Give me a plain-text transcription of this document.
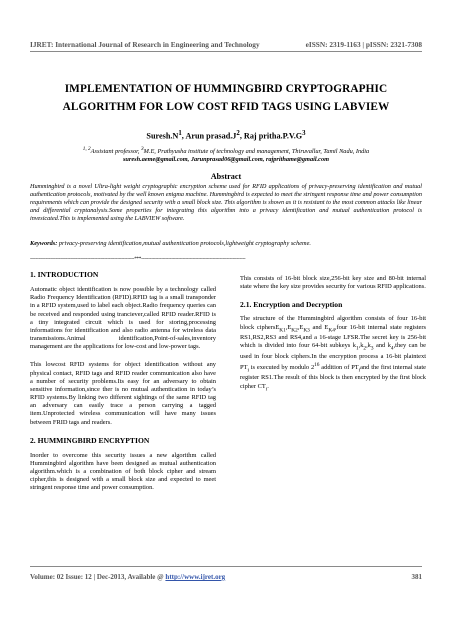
IJRET: International Journal of Research in Engineering and Technology	eISSN: 2319-1163 | pISSN: 2321-7308
IMPLEMENTATION OF HUMMINGBIRD CRYPTOGRAPHIC
ALGORITHM FOR LOW COST RFID TAGS USING LABVIEW
$Suresh.N^1$, Arun $prasad.J^2$, Raj $pritha.P.V.G^3$
$^{1, 2}$Assistant professor, $^3$M.E, Prathyusha institute of technology and management, Thiruvallur, Tamil Nadu, India
suresh.aeme@gmail.com, Jarunprasad06@gmail.com, rajprithame@gmail.com
Abstract
Hummingbird is a novel Ultra-light weight cryptographic encryption scheme used for RFID applications of privacy-preserving identification and mutual authentication protocols, motivated by the well known enigma machine. Hummingbird is expected to meet the stringent response time and power consumption requirements which can provide the designed security with a small block size. This algorithm is shown as it is resistant to the most common attacks like linear and differential cryptanalysis.Some properties for integrating this algorithm into a privacy identification and mutual authentication protocol is invesicated.This is implemented using the LABVIEW software.
Keywords: privacy-preserving identification,mutual authentication protocols,lightweight cryptography scheme.
-------------------------------------------------------------------------***-------------------------------------------------------------------------
1. INTRODUCTION

Automatic object identification is now possible by a technology called Radio Frequency Identification (RFID).RFID tag is a small transponder in a RFID system,used to label each object.Radio frequency queries can be received and responded using tranciever,called RFID reader.RFID is a tiny integrated circuit which is used for storing,processing informations for identification and also radio antenna for wireless data transmissions.Animal identification,Point-of-sales,inventory management are the applications for low-cost and low-power tags.

This lowcost RFID systems for object identification without any physical contact, RFID tags and RFID reader communication also have a number of security problems.Its easy for an adversary to obtain sensitive information,since ther is no mutual authentication in today’s RFID systems.By linking two different sightings of the same RFID tag an adversary can easily trace a person carrying a tagged item.Unprotected wireless communication will have many issues between FRID tags and readers.

2. HUMMINGBIRD ENCRYPTION

Inorder to overcome this security issues a new algorithm called Hummingbird algorithm have been designed as mutual authentication algorithm.which is a combination of both block cipher and stream cipher,this is designed with a small block size and expected to meet stringent response time and power consumption.

This consists of 16-bit block size,256-bit key size and 80-bit internal state where the key size provides security for various RFID applications.

2.1. Encryption and Decryption

The structure of the Hummingbird algorithm consists of four 16-bit block $ciphersE_{K1},E_{K2},E_{K3}$ and $E_{K4},four$ 16-bit internal state registers RS1,RS2,RS3 and RS4,and a 16-stage LFSR.The secret key is 256-bit which is divided into four 64-bit subkeys $k_1,k_2,k_3$ and $k_4,they$ can be used in four block ciphers.In the encryption process a 16-bit plaintext $PT_i$ is executed by modulo $2^{16}$ addition of $PT_iand$ the first internal state register RS1.The result of this block is then encrypted by the first block cipher $CT_i$.

Volume: 02 Issue: 12 | Dec-2013, Available @ http://www.ijret.org	381
